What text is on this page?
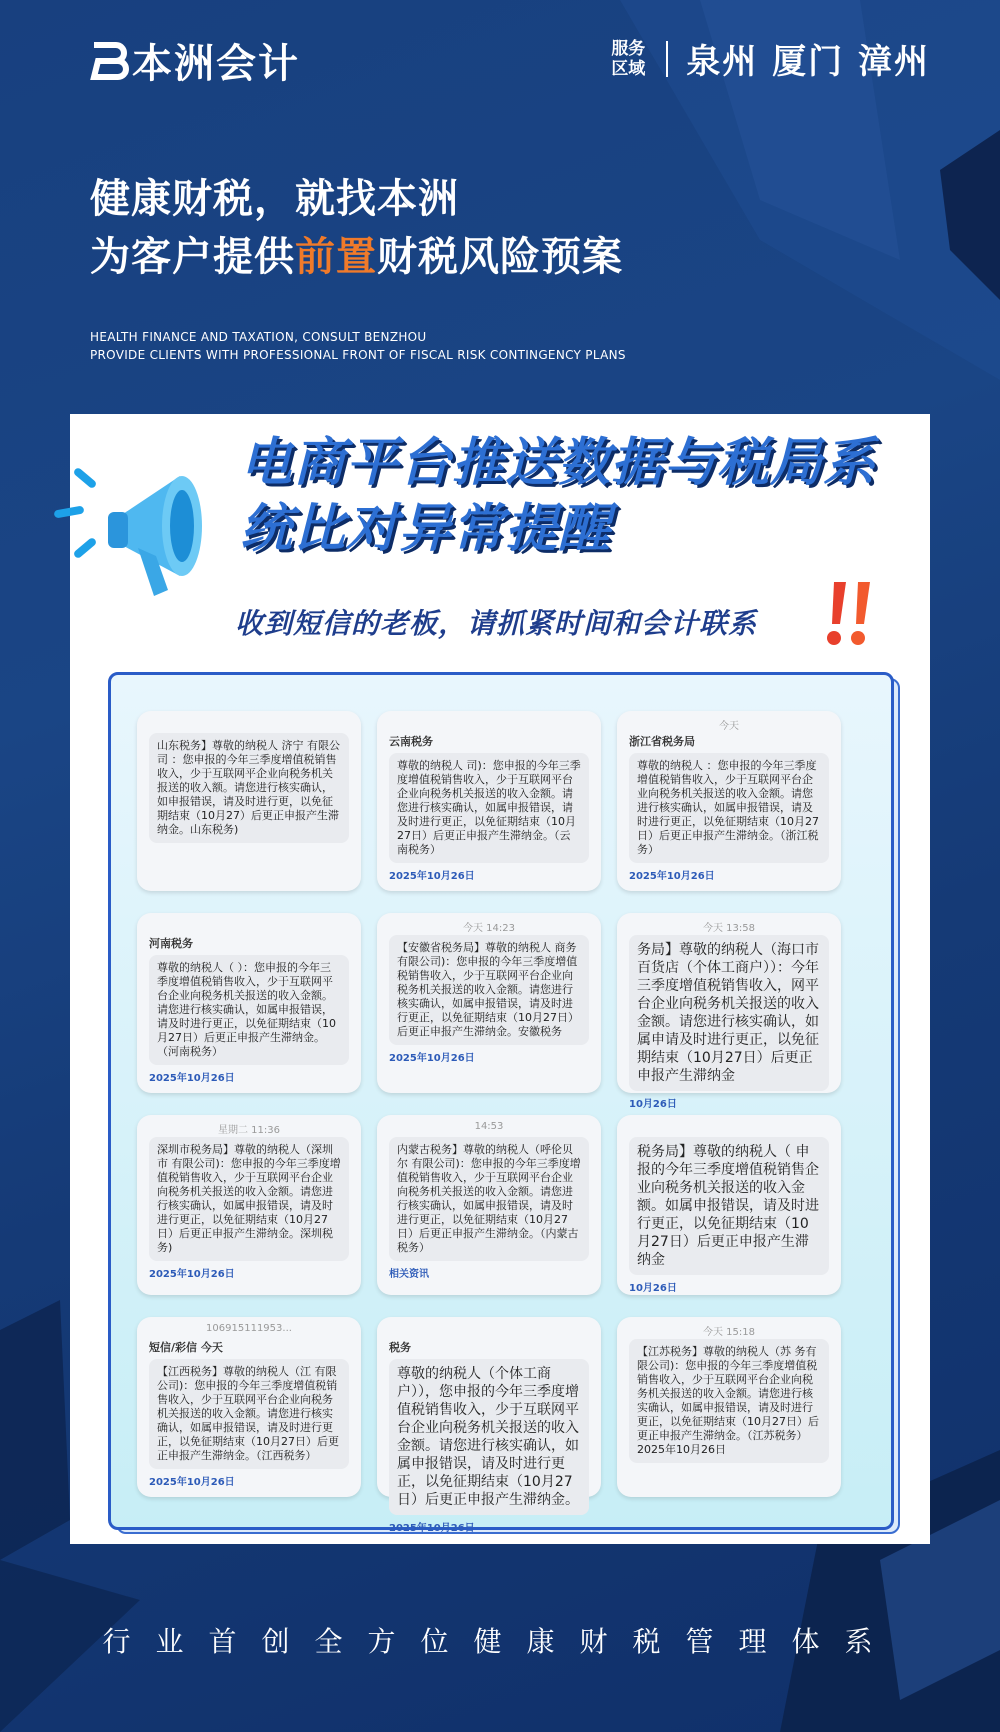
本洲会计	服务 区域 泉州 厦门 漳州
健康财税，就找本洲
为客户提供前置财税风险预案
HEALTH FINANCE AND TAXATION, CONSULT BENZHOU
PROVIDE CLIENTS WITH PROFESSIONAL FRONT OF FISCAL RISK CONTINGENCY PLANS
电商平台推送数据与税局系统比对异常提醒
收到短信的老板，请抓紧时间和会计联系
山东税务】尊敬的纳税人 济宁 有限公司 ：您申报的今年三季度增值税销售收入，少于互联网平企业向税务机关报送的收入额。请您进行核实确认，如申报错误，请及时进行更，以免征期结束（10月27）后更正申报产生滞纳金。山东税务)
云南税务
尊敬的纳税人 司)：您申报的今年三季度增值税销售收入，少于互联网平台企业向税务机关报送的收入金额。请您进行核实确认，如属申报错误，请及时进行更正，以免征期结束（10月27日）后更正申报产生滞纳金。（云南税务）
2025年10月26日
今天
浙江省税务局
尊敬的纳税人 ：您申报的今年三季度增值税销售收入，少于互联网平台企业向税务机关报送的收入金额。请您进行核实确认，如属申报错误，请及时进行更正，以免征期结束（10月27日）后更正申报产生滞纳金。（浙江税务）
2025年10月26日
河南税务
尊敬的纳税人（ ）：您申报的今年三季度增值税销售收入，少于互联网平台企业向税务机关报送的收入金额。请您进行核实确认，如属申报错误，请及时进行更正，以免征期结束（10月27日）后更正申报产生滞纳金。（河南税务）
2025年10月26日
今天 14:23
【安徽省税务局】尊敬的纳税人 商务有限公司)：您申报的今年三季度增值税销售收入，少于互联网平台企业向税务机关报送的收入金额。请您进行核实确认，如属申报错误，请及时进行更正，以免征期结束（10月27日）后更正申报产生滞纳金。安徽税务
2025年10月26日
今天 13:58
务局】尊敬的纳税人（海口市 百货店（个体工商户））：今年三季度增值税销售收入，网平台企业向税务机关报送的收入金额。请您进行核实确认，如属申请及时进行更正，以免征期结束（10月27日）后更正申报产生滞纳金
10月26日
星期二 11:36
深圳市税务局】尊敬的纳税人（深圳市 有限公司)：您申报的今年三季度增值税销售收入，少于互联网平台企业向税务机关报送的收入金额。请您进行核实确认，如属申报错误，请及时进行更正，以免征期结束（10月27日）后更正申报产生滞纳金。深圳税务)
2025年10月26日
14:53
内蒙古税务】尊敬的纳税人（呼伦贝尔 有限公司)：您申报的今年三季度增值税销售收入，少于互联网平台企业向税务机关报送的收入金额。请您进行核实确认，如属申报错误，请及时进行更正，以免征期结束（10月27日）后更正申报产生滞纳金。（内蒙古税务）
相关资讯
税务局】尊敬的纳税人（ 申报的今年三季度增值税销售企业向税务机关报送的收入金额。如属申报错误，请及时进行更正，以免征期结束（10月27日）后更正申报产生滞纳金
10月26日
106915111953...
短信/彩信 今天
【江西税务】尊敬的纳税人（江 有限公司)：您申报的今年三季度增值税销售收入，少于互联网平台企业向税务机关报送的收入金额。请您进行核实确认，如属申报错误，请及时进行更正，以免征期结束（10月27日）后更正申报产生滞纳金。（江西税务）
2025年10月26日
税务
尊敬的纳税人（个体工商户）），您申报的今年三季度增值税销售收入，少于互联网平台企业向税务机关报送的收入金额。请您进行核实确认，如属申报错误，请及时进行更正，以免征期结束（10月27日）后更正申报产生滞纳金。
2025年10月26日
今天 15:18
【江苏税务】尊敬的纳税人（苏 务有限公司)：您申报的今年三季度增值税销售收入，少于互联网平台企业向税务机关报送的收入金额。请您进行核实确认，如属申报错误，请及时进行更正，以免征期结束（10月27日）后更正申报产生滞纳金。（江苏税务）2025年10月26日
行业首创全方位健康财税管理体系
